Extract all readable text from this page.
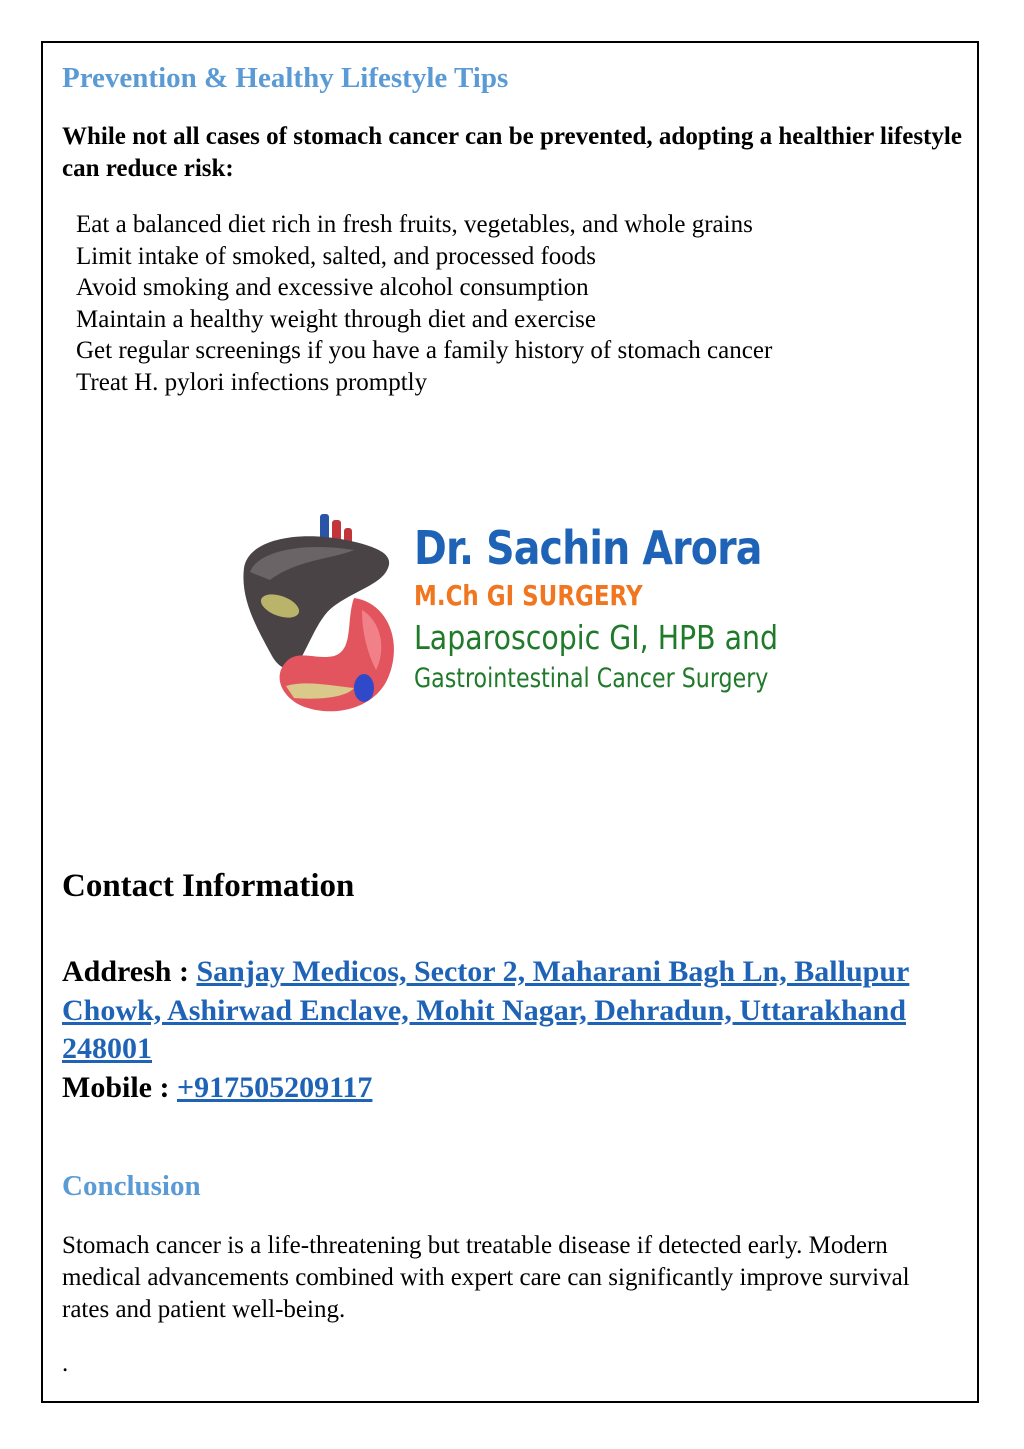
Prevention & Healthy Lifestyle Tips

While not all cases of stomach cancer can be prevented, adopting a healthier lifestyle can reduce risk:

Eat a balanced diet rich in fresh fruits, vegetables, and whole grains
Limit intake of smoked, salted, and processed foods
Avoid smoking and excessive alcohol consumption
Maintain a healthy weight through diet and exercise
Get regular screenings if you have a family history of stomach cancer
Treat H. pylori infections promptly
Dr. Sachin Arora
M.Ch GI SURGERY
Laparoscopic GI, HPB and
Gastrointestinal Cancer Surgery
Contact Information
Addresh : Sanjay Medicos, Sector 2, Maharani Bagh Ln, Ballupur Chowk, Ashirwad Enclave, Mohit Nagar, Dehradun, Uttarakhand 248001
Mobile : +917505209117
Conclusion

Stomach cancer is a life-threatening but treatable disease if detected early. Modern medical advancements combined with expert care can significantly improve survival rates and patient well-being.

.
